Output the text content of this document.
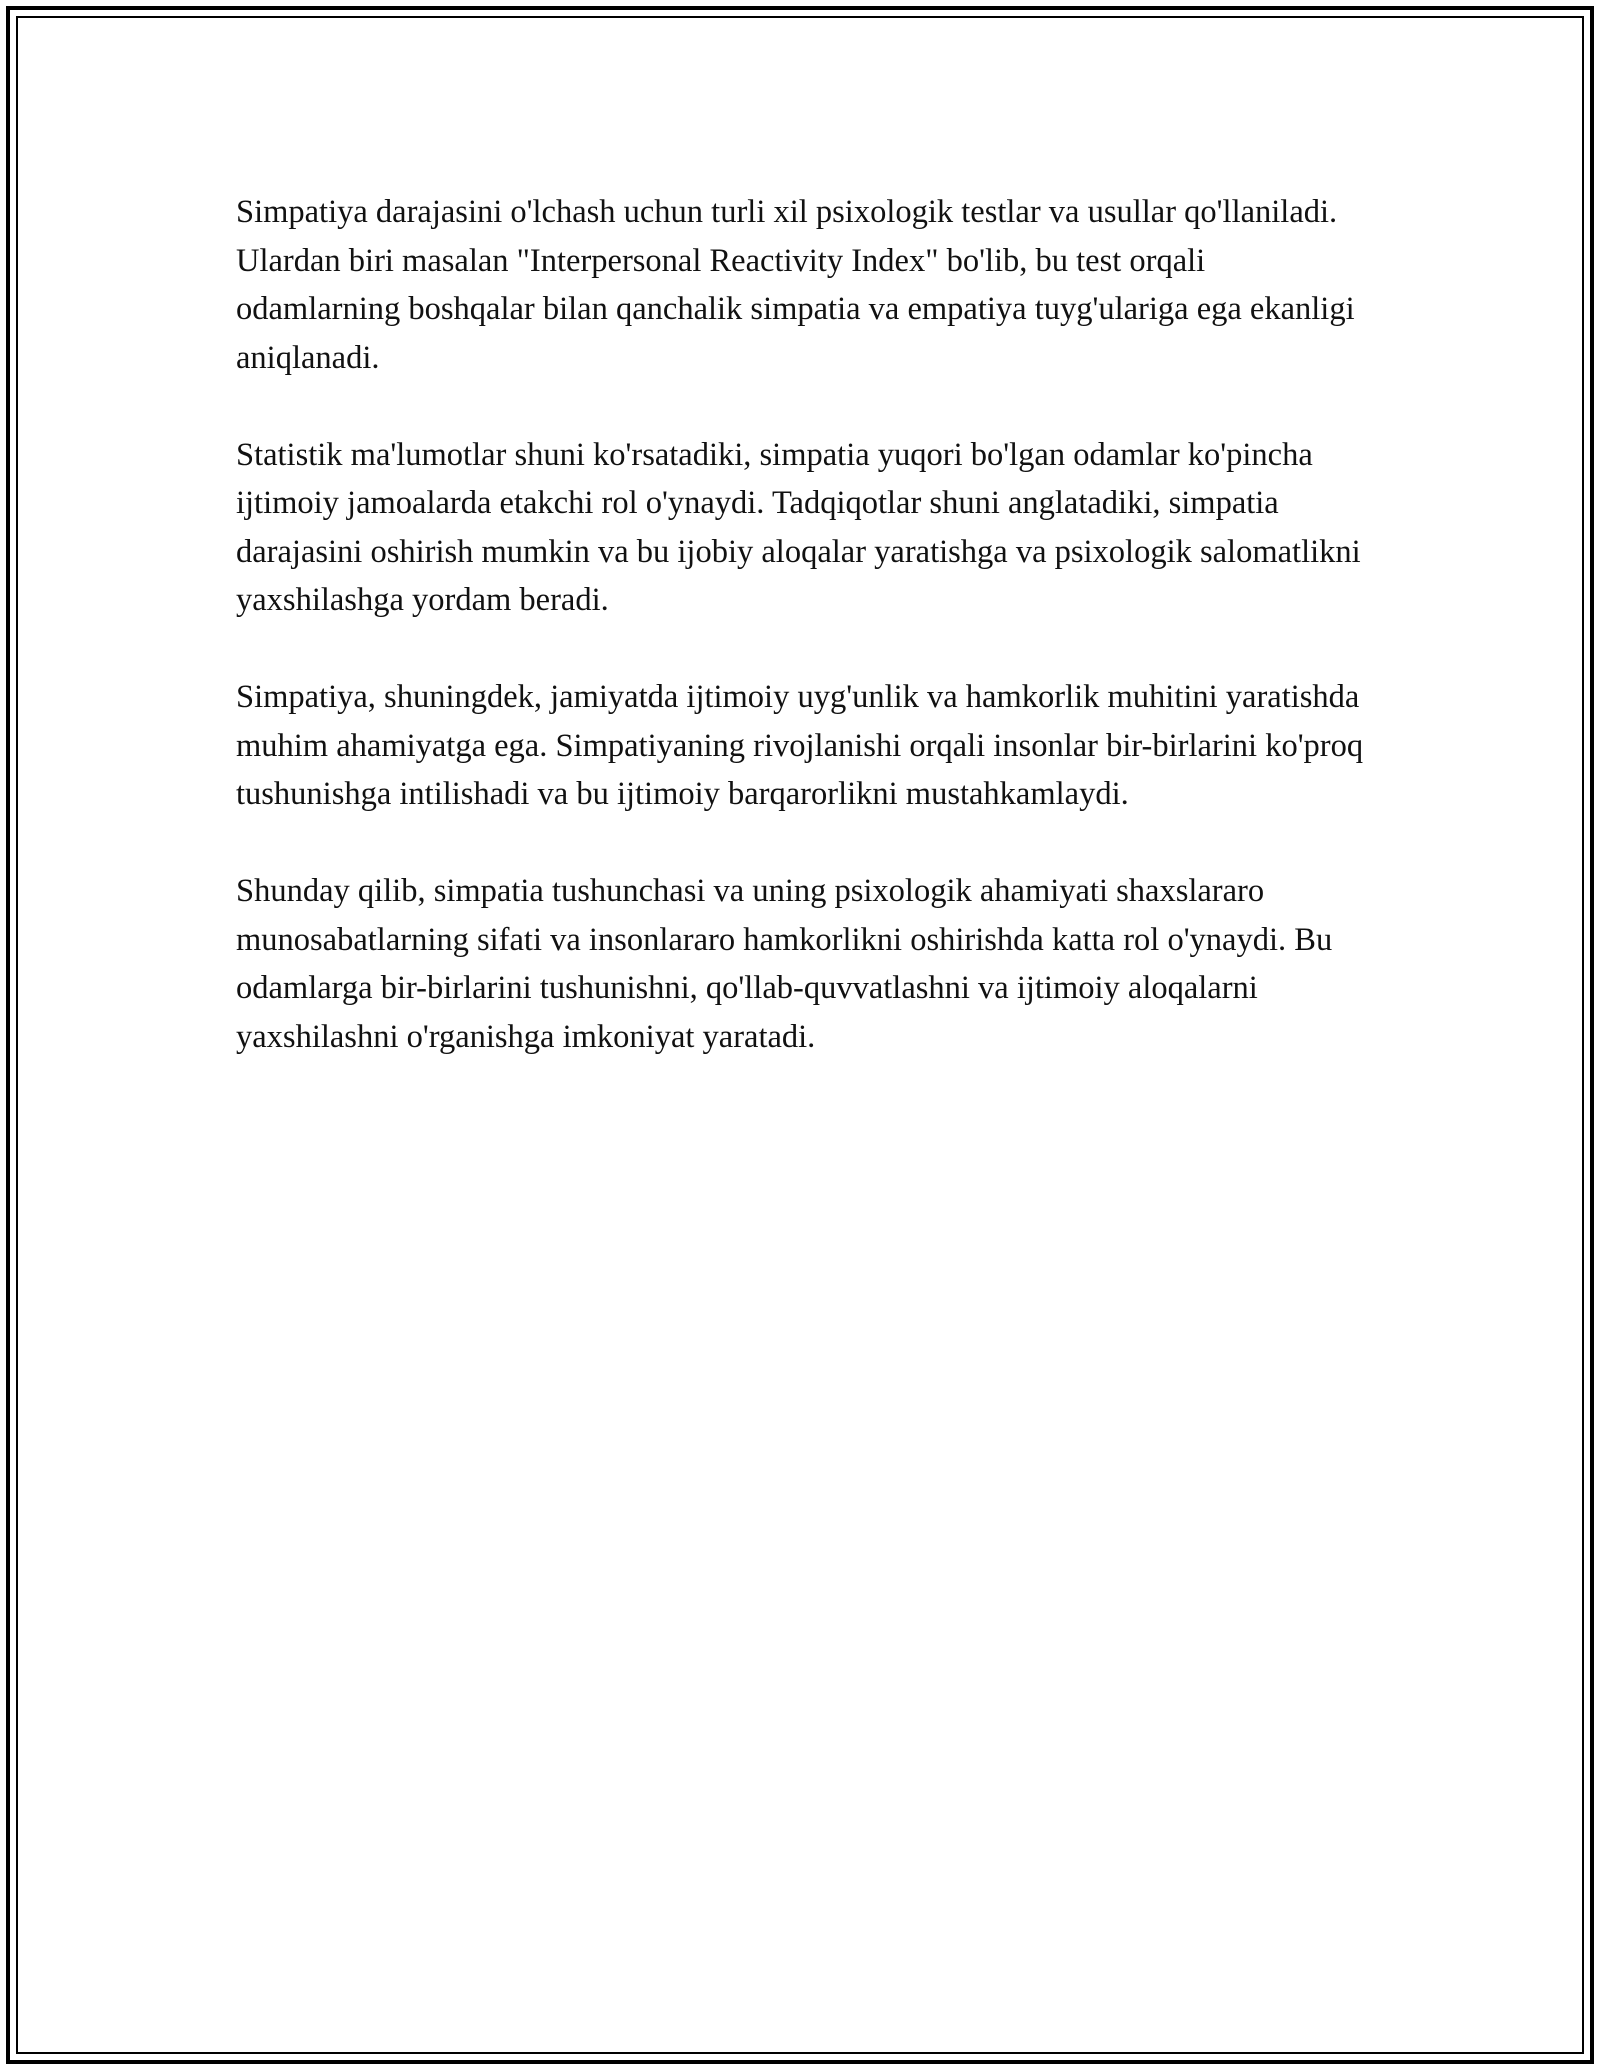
Simpatiya darajasini o'lchash uchun turli xil psixologik testlar va usullar qo'llaniladi. Ulardan biri masalan "Interpersonal Reactivity Index" bo'lib, bu test orqali odamlarning boshqalar bilan qanchalik simpatia va empatiya tuyg'ulariga ega ekanligi aniqlanadi.

Statistik ma'lumotlar shuni ko'rsatadiki, simpatia yuqori bo'lgan odamlar ko'pincha ijtimoiy jamoalarda etakchi rol o'ynaydi. Tadqiqotlar shuni anglatadiki, simpatia darajasini oshirish mumkin va bu ijobiy aloqalar yaratishga va psixologik salomatlikni yaxshilashga yordam beradi.

Simpatiya, shuningdek, jamiyatda ijtimoiy uyg'unlik va hamkorlik muhitini yaratishda muhim ahamiyatga ega. Simpatiyaning rivojlanishi orqali insonlar bir-birlarini ko'proq tushunishga intilishadi va bu ijtimoiy barqarorlikni mustahkamlaydi.

Shunday qilib, simpatia tushunchasi va uning psixologik ahamiyati shaxslararo munosabatlarning sifati va insonlararo hamkorlikni oshirishda katta rol o'ynaydi. Bu odamlarga bir-birlarini tushunishni, qo'llab-quvvatlashni va ijtimoiy aloqalarni yaxshilashni o'rganishga imkoniyat yaratadi.
